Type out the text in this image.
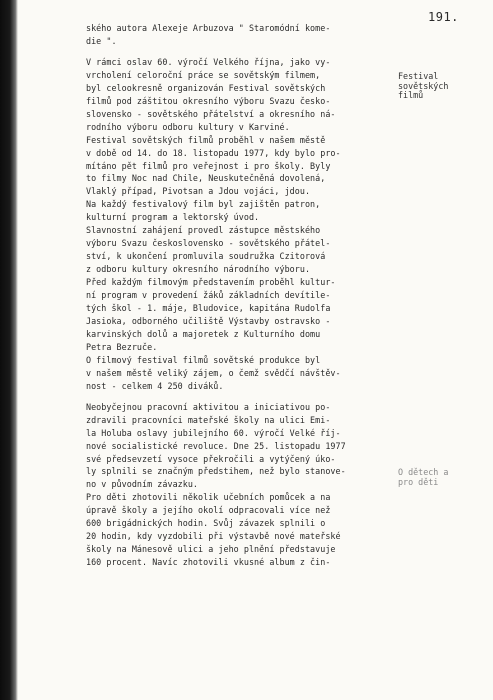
191.
Festival
sovětských
filmů
O dětech a
pro děti
ského autora Alexeje Arbuzova " Staromódní kome-
die ".
V rámci oslav 60. výročí Velkého října, jako vy-
vrcholení celoroční práce se sovětským filmem,
byl celookresně organizován Festival sovětských
filmů pod záštitou okresního výboru Svazu česko-
slovensko - sovětského přátelství a okresního ná-
rodního výboru odboru kultury v Karviné.
Festival sovětských filmů proběhl v našem městě
v době od 14. do 18. listopadu 1977, kdy bylo pro-
mítáno pět filmů pro veřejnost i pro školy. Byly
to filmy Noc nad Chile, Neuskutečněná dovolená,
Vlaklý případ, Pivotsan a Jdou vojáci, jdou.
Na každý festivalový film byl zajištěn patron,
kulturní program a lektorský úvod.
Slavnostní zahájení provedl zástupce městského
výboru Svazu československo - sovětského přátel-
ství, k ukončení promluvila soudružka Czitorová
z odboru kultury okresního národního výboru.
Před každým filmovým představením proběhl kultur-
ní program v provedení žáků základních devítile-
tých škol - 1. máje, Bludovice, kapitána Rudolfa
Jasioka, odborného učiliště Výstavby ostravsko -
karvinských dolů a majoretek z Kulturního domu
Petra Bezruče.
O filmový festival filmů sovětské produkce byl
v našem městě veliký zájem, o čemž svědčí návštěv-
nost - celkem 4 250 diváků.
Neobyčejnou pracovní aktivitou a iniciativou po-
zdravili pracovníci mateřské školy na ulici Emi-
la Holuba oslavy jubilejního 60. výročí Velké říj-
nové socialistické revoluce. Dne 25. listopadu 1977
své předsevzetí vysoce překročili a vytýčený úko-
ly splnili se značným předstihem, než bylo stanove-
no v původním závazku.
Pro děti zhotovili několik učebních pomůcek a na
úpravě školy a jejího okolí odpracovali více než
600 brigádnických hodin. Svůj závazek splnili o
20 hodin, kdy vyzdobili při výstavbě nové mateřské
školy na Mánesově ulici a jeho plnění představuje
160 procent. Navíc zhotovili vkusné album z čin-
